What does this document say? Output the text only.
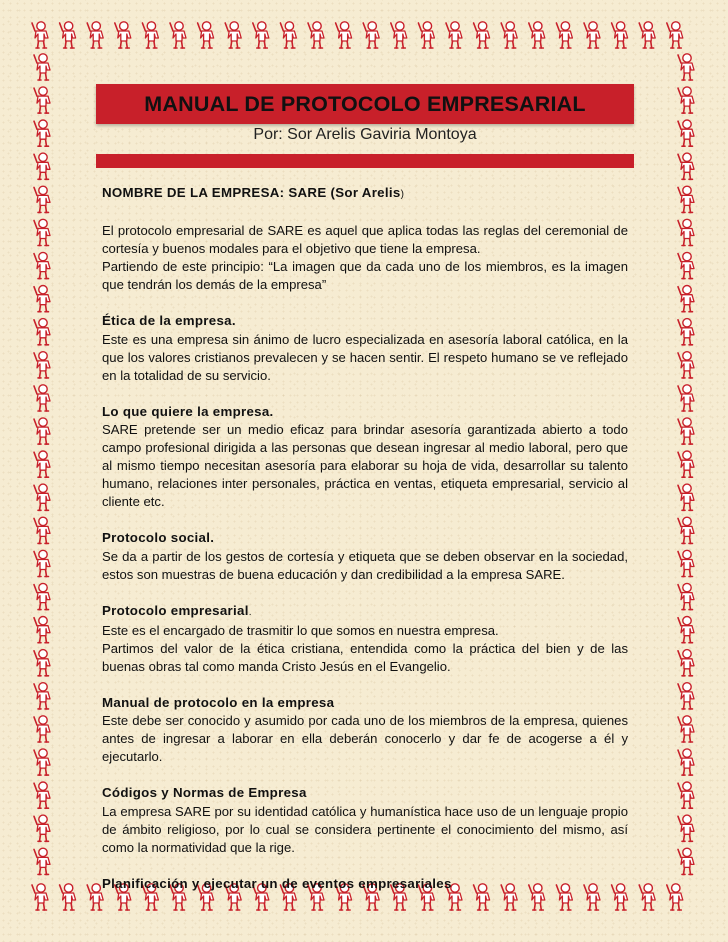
MANUAL DE PROTOCOLO EMPRESARIAL
Por: Sor Arelis Gaviria Montoya

NOMBRE DE LA EMPRESA: SARE (Sor Arelis)

El protocolo empresarial de SARE es aquel que aplica todas las reglas del ceremonial de cortesía y buenos modales para el objetivo que tiene la empresa.

Partiendo de este principio: “La imagen que da cada uno de los miembros, es la imagen que tendrán los demás de la empresa”

Ética de la empresa.

Este es una empresa sin ánimo de lucro especializada en asesoría laboral católica, en la que los valores cristianos prevalecen y se hacen sentir. El respeto humano se ve reflejado en la totalidad de su servicio.

Lo que quiere la empresa.

SARE pretende ser un medio eficaz para brindar asesoría garantizada abierto a todo campo profesional dirigida a las personas que desean ingresar al medio laboral, pero que al mismo tiempo necesitan asesoría para elaborar su hoja de vida, desarrollar su talento humano, relaciones inter personales, práctica en ventas, etiqueta empresarial, servicio al cliente etc.

Protocolo social.

Se da a partir de los gestos de cortesía y etiqueta que se deben observar en la sociedad, estos son muestras de buena educación y dan credibilidad a la empresa SARE.

Protocolo empresarial.

Este es el encargado de trasmitir lo que somos en nuestra empresa.

Partimos del valor de la ética cristiana, entendida como la práctica del bien y de las buenas obras tal como manda Cristo Jesús en el Evangelio.

Manual de protocolo en la empresa

Este debe ser conocido y asumido por cada uno de los miembros de la empresa, quienes antes de ingresar a laborar en ella deberán conocerlo y dar fe de acogerse a él y ejecutarlo.

Códigos y Normas de Empresa

La empresa SARE por su identidad católica y humanística hace uso de un lenguaje propio de ámbito religioso, por lo cual se considera pertinente el conocimiento del mismo, así como la normatividad que la rige.

Planificación y ejecutar un de eventos empresariales
